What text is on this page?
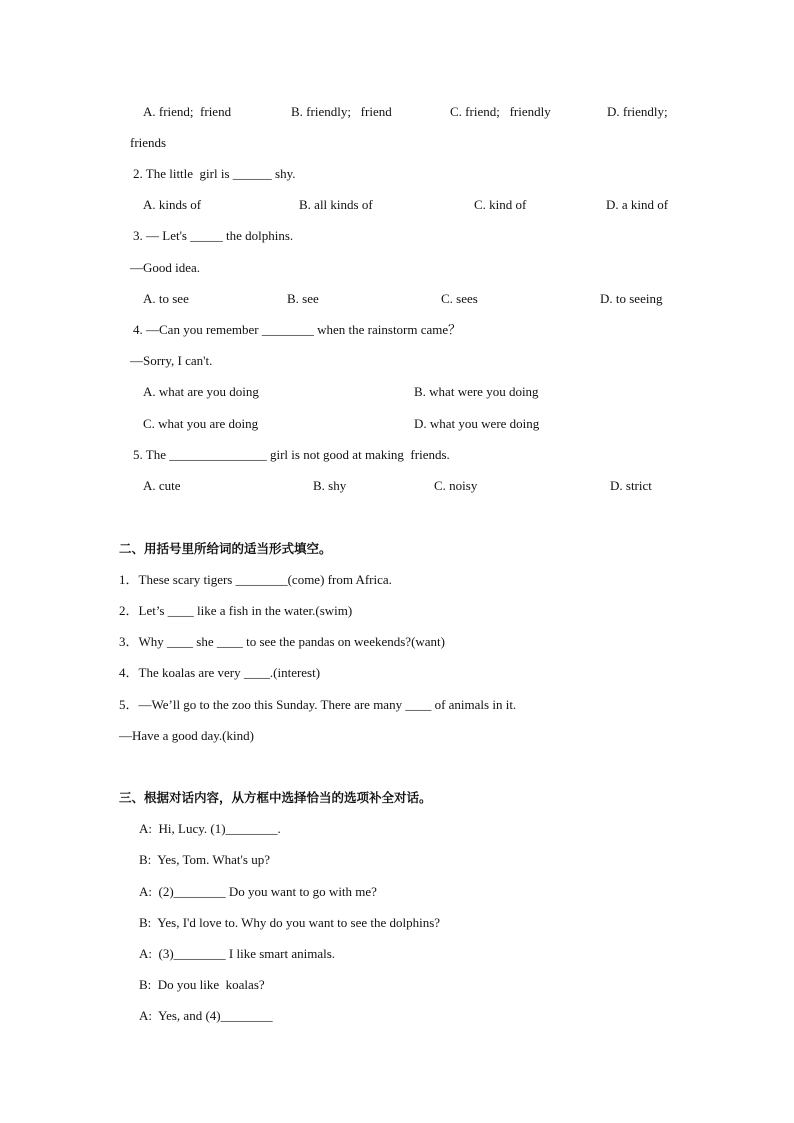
A. friend;  friend	B. friendly;   friend	C. friend;   friendly	D. friendly;
friends
2. The little  girl is ______ shy.
A. kinds of	B. all kinds of	C. kind of	D. a kind of
3. — Let's _____ the dolphins.
—Good idea.
A. to see	B. see	C. sees	D. to seeing
4. —Can you remember ________ when the rainstorm came？
—Sorry, I can't.
A. what are you doing	B. what were you doing
C. what you are doing	D. what you were doing
5. The _______________ girl is not good at making  friends.
A. cute	B. shy	C. noisy	D. strict
二、用括号里所给词的适当形式填空。
1．These scary tigers ________(come) from Africa.
2．Let’s ____ like a fish in the water.(swim)
3．Why ____ she ____ to see the pandas on weekends?(want)
4．The koalas are very ____.(interest)
5．—We’ll go to the zoo this Sunday. There are many ____ of animals in it.
—Have a good day.(kind)
三、根据对话内容，从方框中选择恰当的选项补全对话。
A:  Hi, Lucy. (1)________.
B:  Yes, Tom. What's up?
A:  (2)________ Do you want to go with me?
B:  Yes, I'd love to. Why do you want to see the dolphins?
A:  (3)________ I like smart animals.
B:  Do you like  koalas?
A:  Yes, and (4)________
